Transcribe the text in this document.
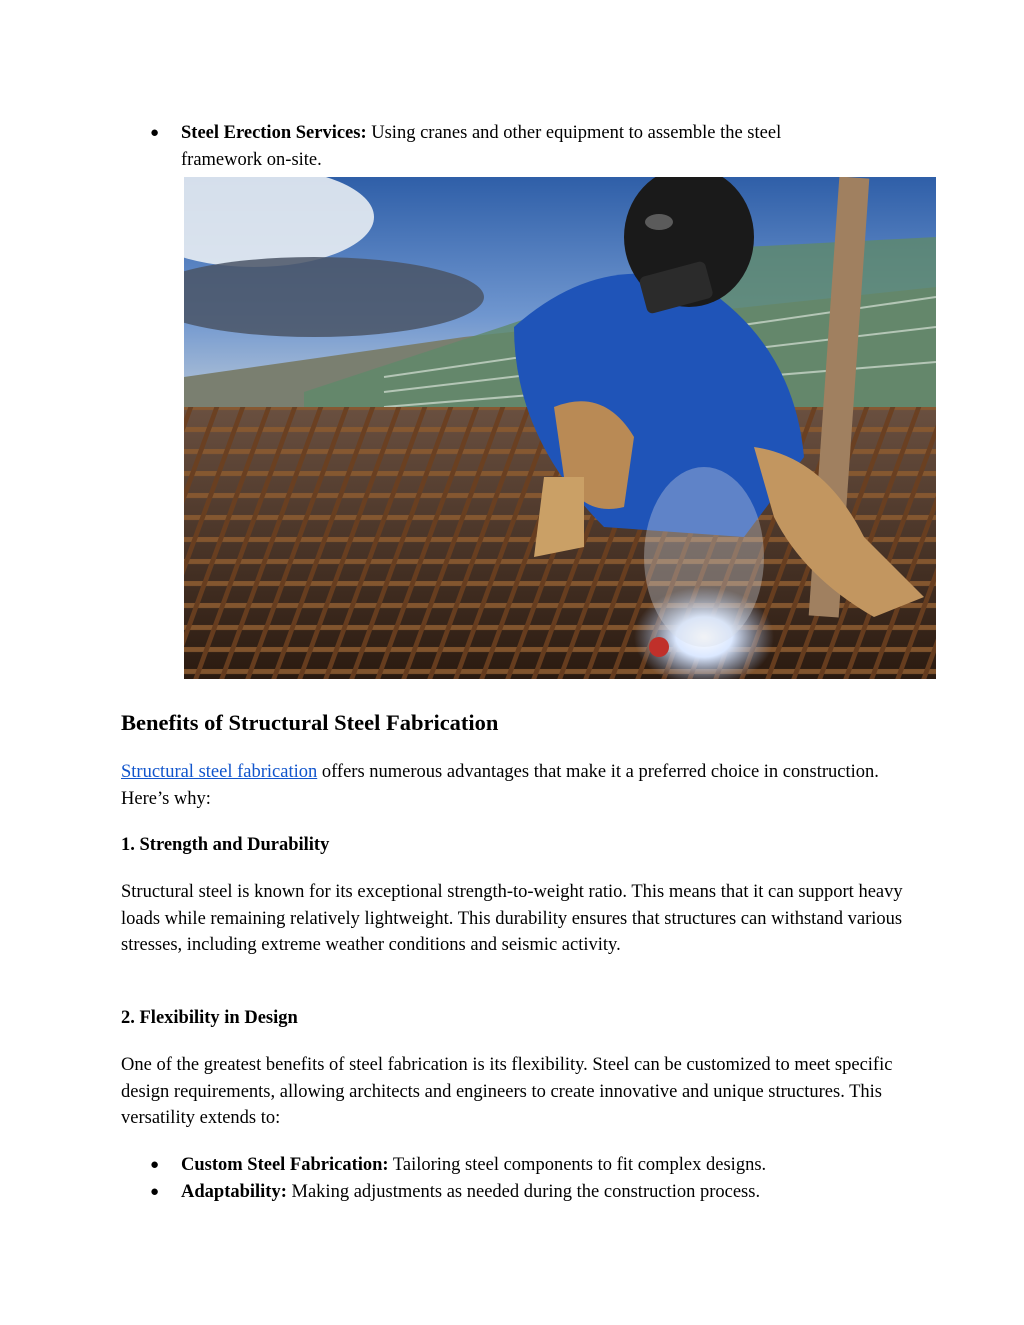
● Steel Erection Services: Using cranes and other equipment to assemble the steel framework on-site.
Benefits of Structural Steel Fabrication

Structural steel fabrication offers numerous advantages that make it a preferred choice in construction. Here’s why:

1. Strength and Durability

Structural steel is known for its exceptional strength-to-weight ratio. This means that it can support heavy loads while remaining relatively lightweight. This durability ensures that structures can withstand various stresses, including extreme weather conditions and seismic activity.

2. Flexibility in Design

One of the greatest benefits of steel fabrication is its flexibility. Steel can be customized to meet specific design requirements, allowing architects and engineers to create innovative and unique structures. This versatility extends to:

● Custom Steel Fabrication: Tailoring steel components to fit complex designs.
● Adaptability: Making adjustments as needed during the construction process.
